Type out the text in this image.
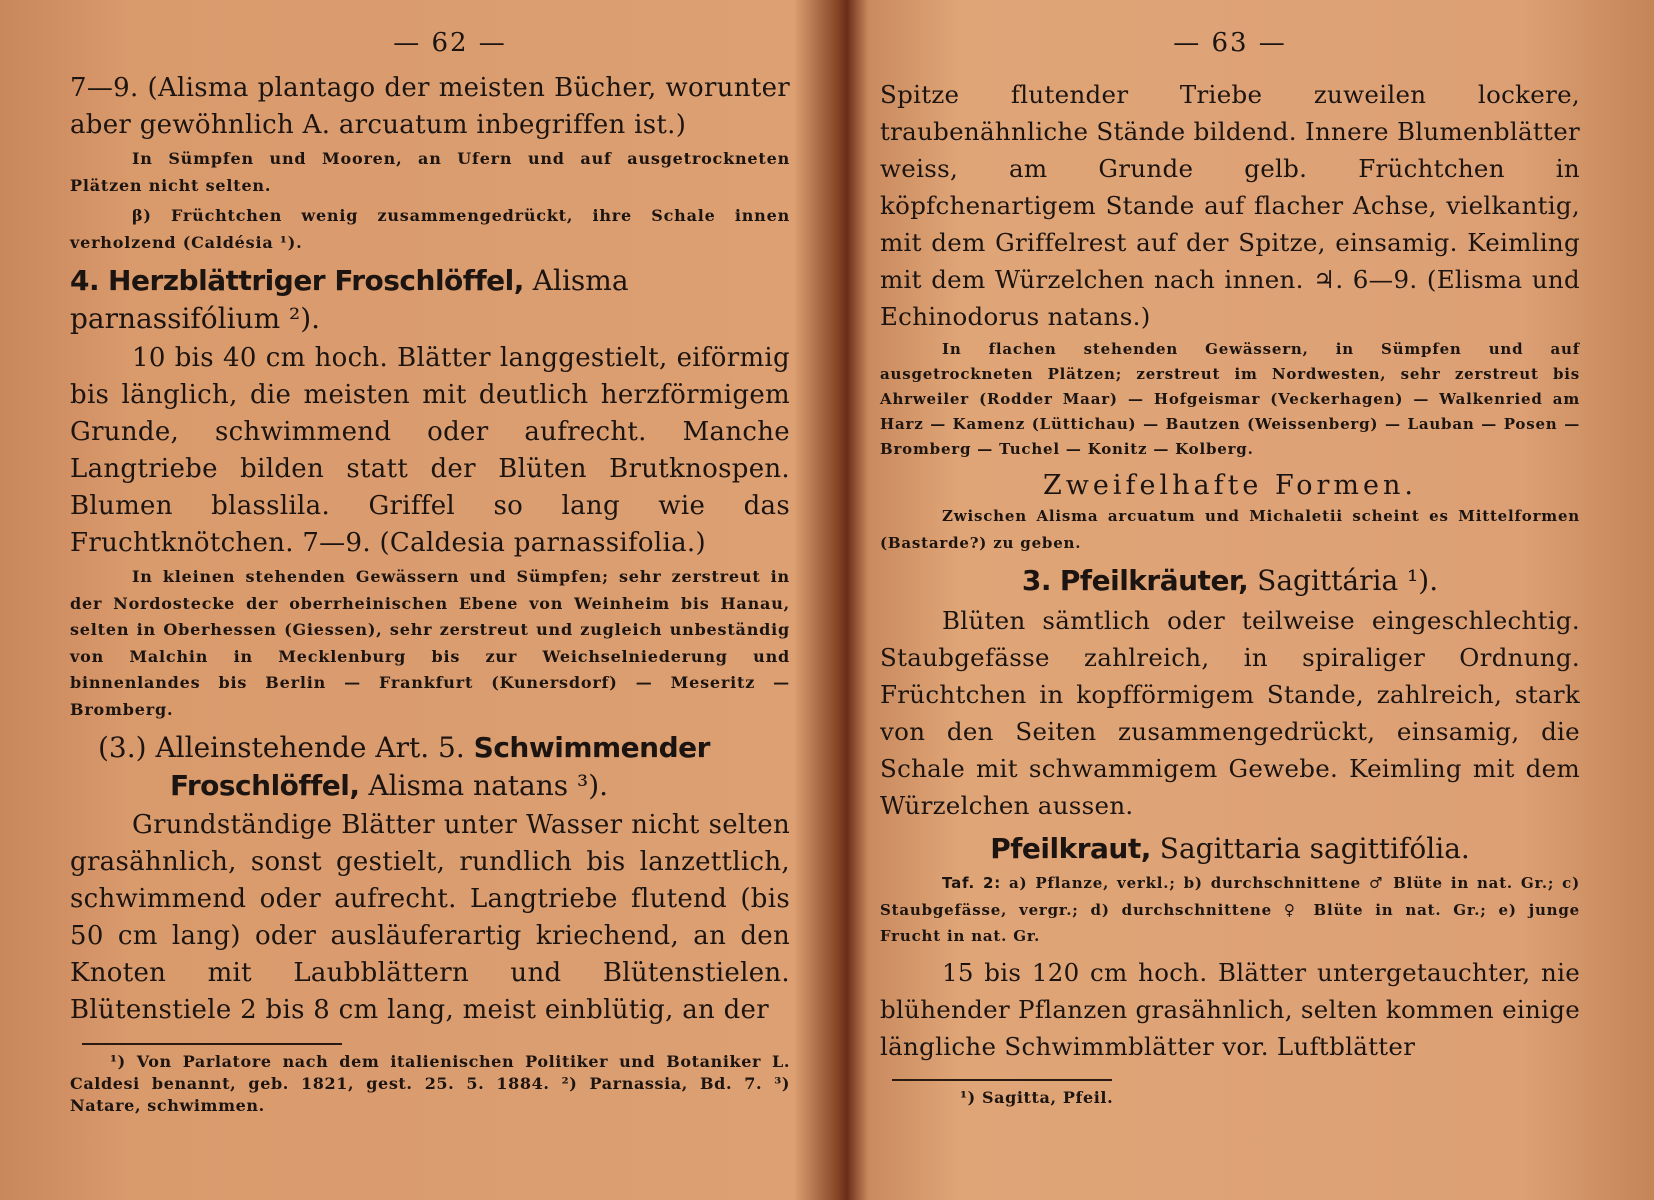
— 62 —

7—9. (Alisma plantago der meisten Bücher, worunter aber gewöhnlich A. arcuatum inbegriffen ist.)

In Sümpfen und Mooren, an Ufern und auf ausgetrockneten Plätzen nicht selten.

β) Früchtchen wenig zusammengedrückt, ihre Schale innen verholzend (Caldésia ¹).

4. Herzblättriger Froschlöffel, Alisma parnassifólium ²).

10 bis 40 cm hoch. Blätter langgestielt, eiförmig bis länglich, die meisten mit deutlich herzförmigem Grunde, schwimmend oder aufrecht. Manche Langtriebe bilden statt der Blüten Brutknospen. Blumen blasslila. Griffel so lang wie das Fruchtknötchen. 7—9. (Caldesia parnassifolia.)

In kleinen stehenden Gewässern und Sümpfen; sehr zerstreut in der Nordostecke der oberrheinischen Ebene von Weinheim bis Hanau, selten in Oberhessen (Giessen), sehr zerstreut und zugleich unbeständig von Malchin in Mecklenburg bis zur Weichselniederung und binnenlandes bis Berlin — Frankfurt (Kunersdorf) — Meseritz — Bromberg.

(3.) Alleinstehende Art. 5. Schwimmender
Froschlöffel, Alisma natans ³).

Grundständige Blätter unter Wasser nicht selten grasähnlich, sonst gestielt, rundlich bis lanzettlich, schwimmend oder aufrecht. Langtriebe flutend (bis 50 cm lang) oder ausläuferartig kriechend, an den Knoten mit Laubblättern und Blütenstielen. Blütenstiele 2 bis 8 cm lang, meist einblütig, an der

¹) Von Parlatore nach dem italienischen Politiker und Botaniker L. Caldesi benannt, geb. 1821, gest. 25. 5. 1884. ²) Parnassia, Bd. 7. ³) Natare, schwimmen.

— 63 —

Spitze flutender Triebe zuweilen lockere, traubenähnliche Stände bildend. Innere Blumenblätter weiss, am Grunde gelb. Früchtchen in köpfchenartigem Stande auf flacher Achse, vielkantig, mit dem Griffelrest auf der Spitze, einsamig. Keimling mit dem Würzelchen nach innen. ♃. 6—9. (Elisma und Echinodorus natans.)

In flachen stehenden Gewässern, in Sümpfen und auf ausgetrockneten Plätzen; zerstreut im Nordwesten, sehr zerstreut bis Ahrweiler (Rodder Maar) — Hofgeismar (Veckerhagen) — Walkenried am Harz — Kamenz (Lüttichau) — Bautzen (Weissenberg) — Lauban — Posen — Bromberg — Tuchel — Konitz — Kolberg.

Zweifelhafte Formen.

Zwischen Alisma arcuatum und Michaletii scheint es Mittelformen (Bastarde?) zu geben.

3. Pfeilkräuter, Sagittária ¹).

Blüten sämtlich oder teilweise eingeschlechtig. Staubgefässe zahlreich, in spiraliger Ordnung. Früchtchen in kopfförmigem Stande, zahlreich, stark von den Seiten zusammengedrückt, einsamig, die Schale mit schwammigem Gewebe. Keimling mit dem Würzelchen aussen.

Pfeilkraut, Sagittaria sagittifólia.

Taf. 2: a) Pflanze, verkl.; b) durchschnittene ♂ Blüte in nat. Gr.; c) Staubgefässe, vergr.; d) durchschnittene ♀ Blüte in nat. Gr.; e) junge Frucht in nat. Gr.

15 bis 120 cm hoch. Blätter untergetauchter, nie blühender Pflanzen grasähnlich, selten kommen einige längliche Schwimmblätter vor. Luftblätter

¹) Sagitta, Pfeil.
